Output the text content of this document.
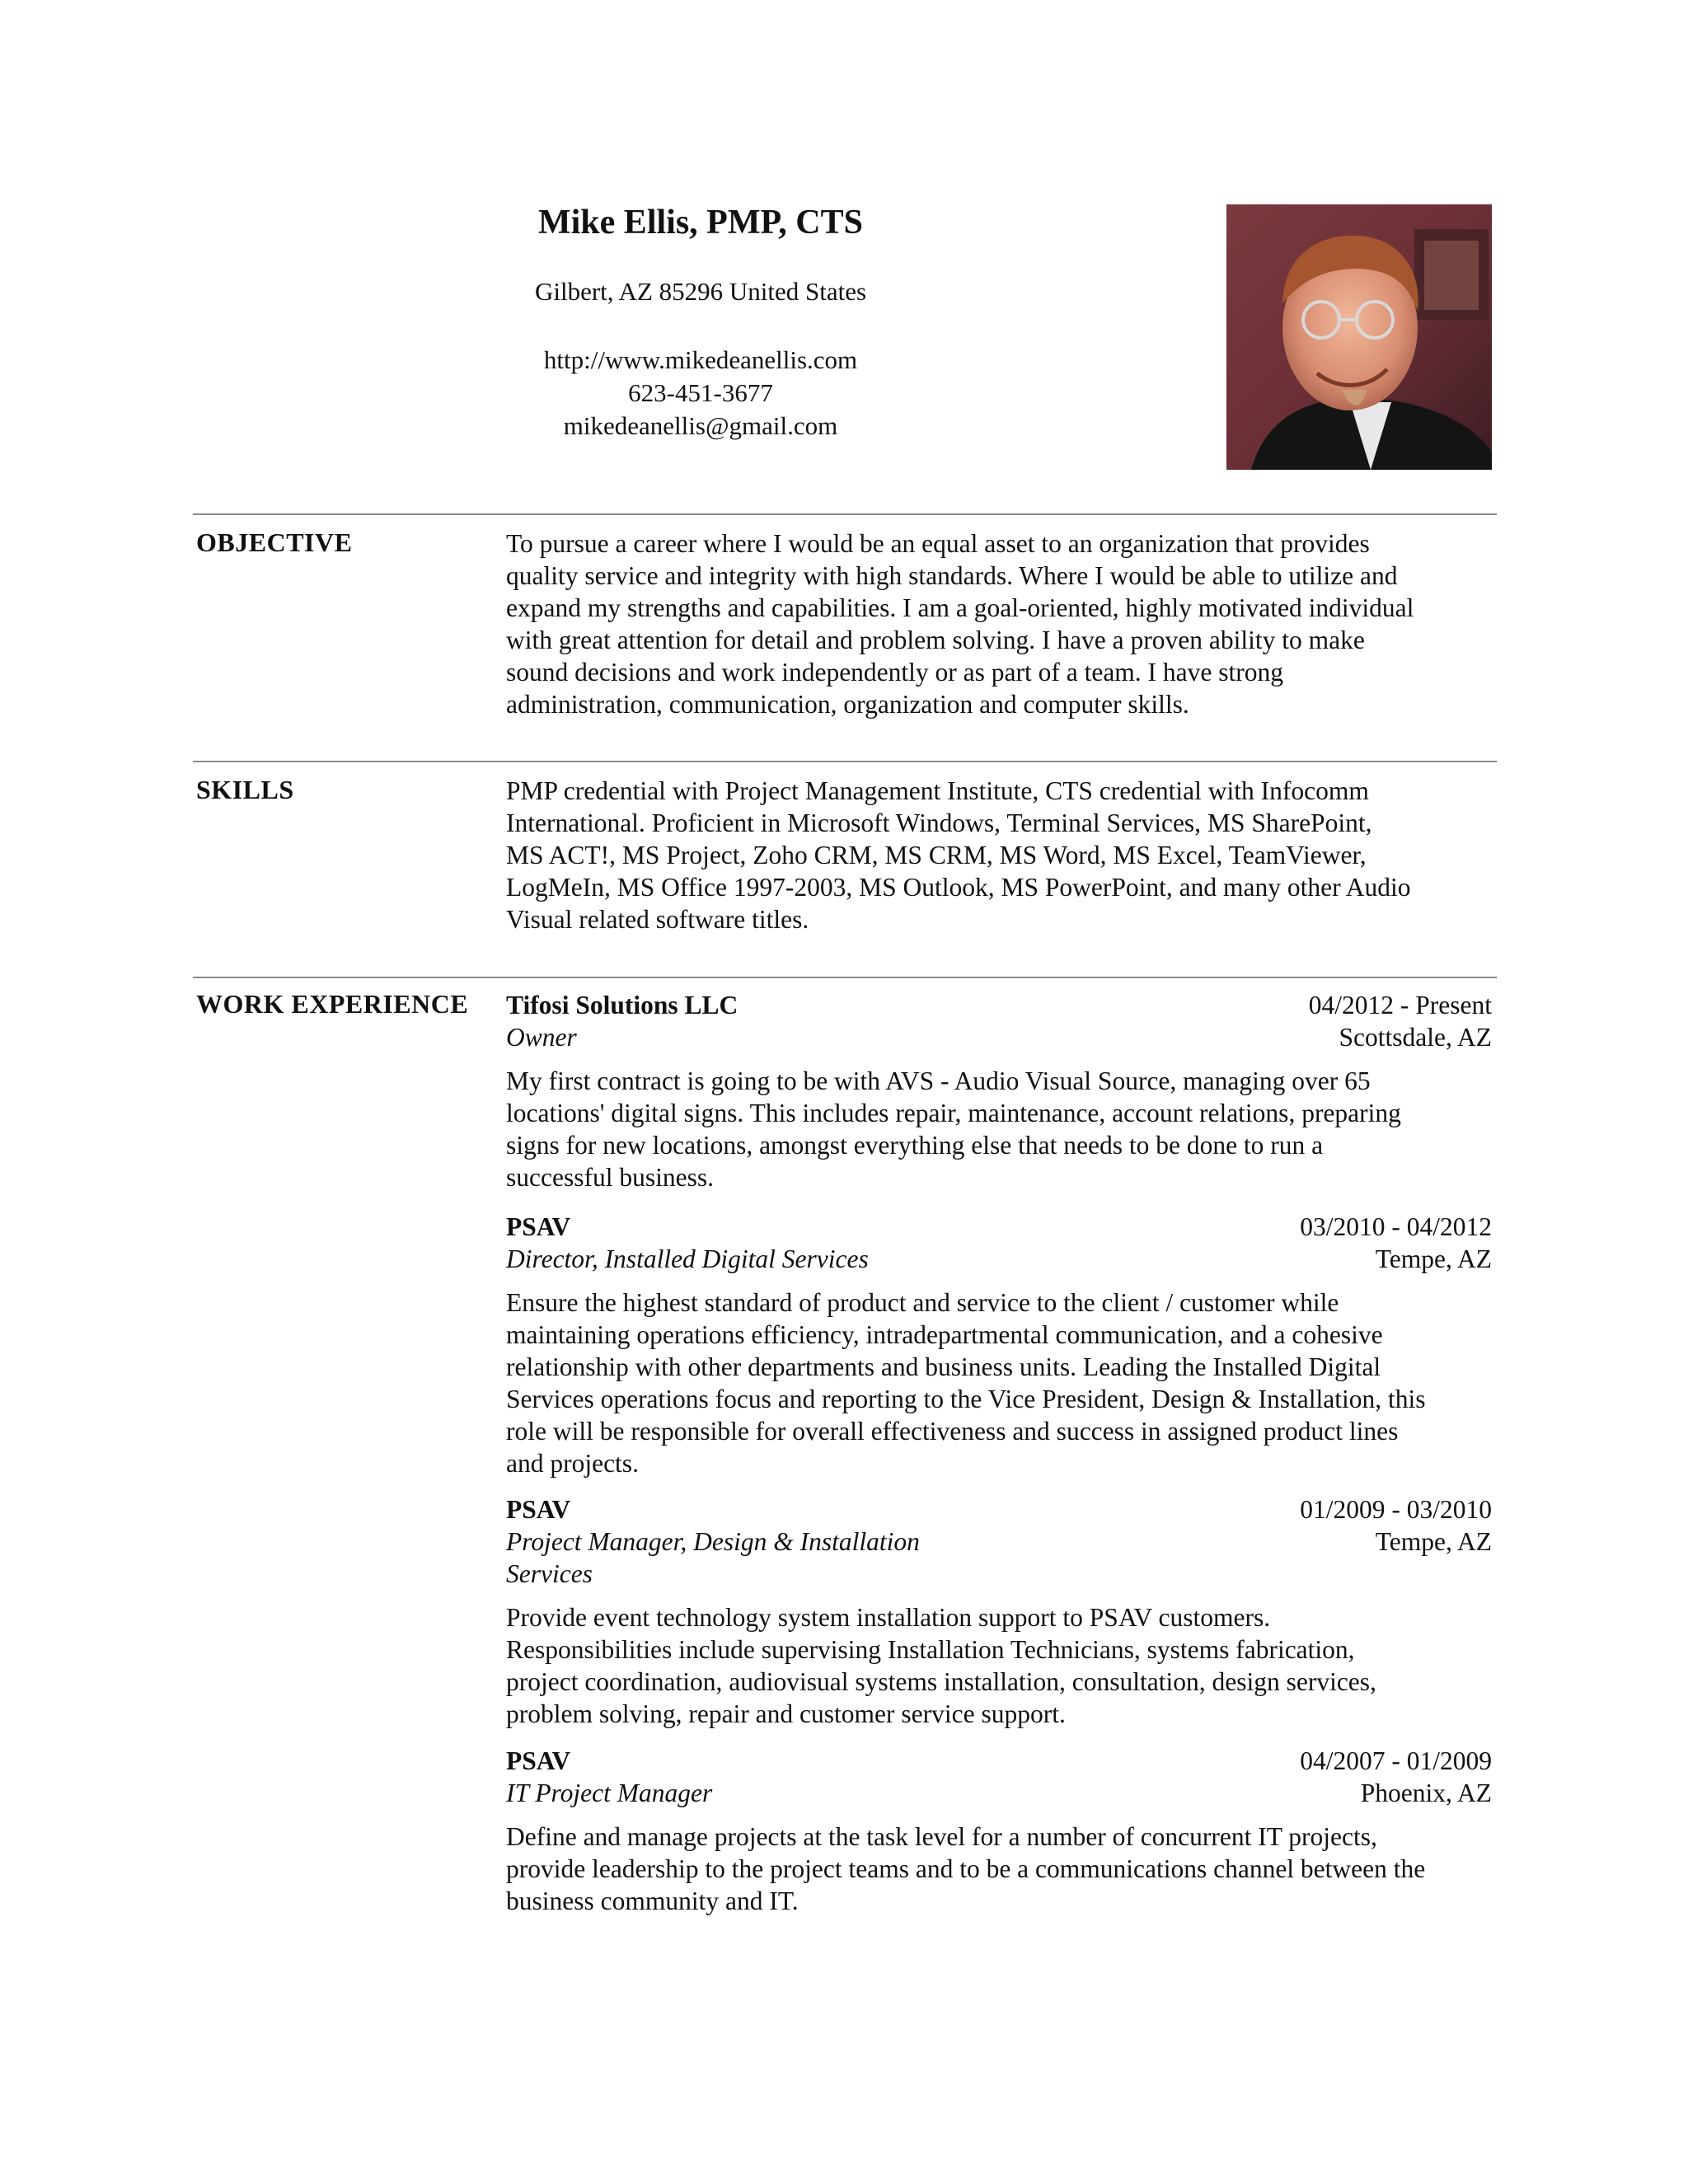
Mike Ellis, PMP, CTS
Gilbert, AZ 85296 United States
http://www.mikedeanellis.com
623-451-3677
mikedeanellis@gmail.com
OBJECTIVE	To pursue a career where I would be an equal asset to an organization that provides
quality service and integrity with high standards. Where I would be able to utilize and
expand my strengths and capabilities. I am a goal-oriented, highly motivated individual
with great attention for detail and problem solving. I have a proven ability to make
sound decisions and work independently or as part of a team. I have strong
administration, communication, organization and computer skills.
SKILLS	PMP credential with Project Management Institute, CTS credential with Infocomm
International. Proficient in Microsoft Windows, Terminal Services, MS SharePoint,
MS ACT!, MS Project, Zoho CRM, MS CRM, MS Word, MS Excel, TeamViewer,
LogMeIn, MS Office 1997-2003, MS Outlook, MS PowerPoint, and many other Audio
Visual related software titles.
WORK EXPERIENCE Tifosi Solutions LLC	04/2012 - Present
Owner	Scottsdale, AZ
My first contract is going to be with AVS - Audio Visual Source, managing over 65
locations' digital signs. This includes repair, maintenance, account relations, preparing
signs for new locations, amongst everything else that needs to be done to run a
successful business.
PSAV	03/2010 - 04/2012
Director, Installed Digital Services	Tempe, AZ
Ensure the highest standard of product and service to the client / customer while
maintaining operations efficiency, intradepartmental communication, and a cohesive
relationship with other departments and business units. Leading the Installed Digital
Services operations focus and reporting to the Vice President, Design & Installation, this
role will be responsible for overall effectiveness and success in assigned product lines
and projects.
PSAV	01/2009 - 03/2010
Project Manager, Design & Installation	Tempe, AZ
Services
Provide event technology system installation support to PSAV customers.
Responsibilities include supervising Installation Technicians, systems fabrication,
project coordination, audiovisual systems installation, consultation, design services,
problem solving, repair and customer service support.
PSAV	04/2007 - 01/2009
IT Project Manager	Phoenix, AZ
Define and manage projects at the task level for a number of concurrent IT projects,
provide leadership to the project teams and to be a communications channel between the
business community and IT.
